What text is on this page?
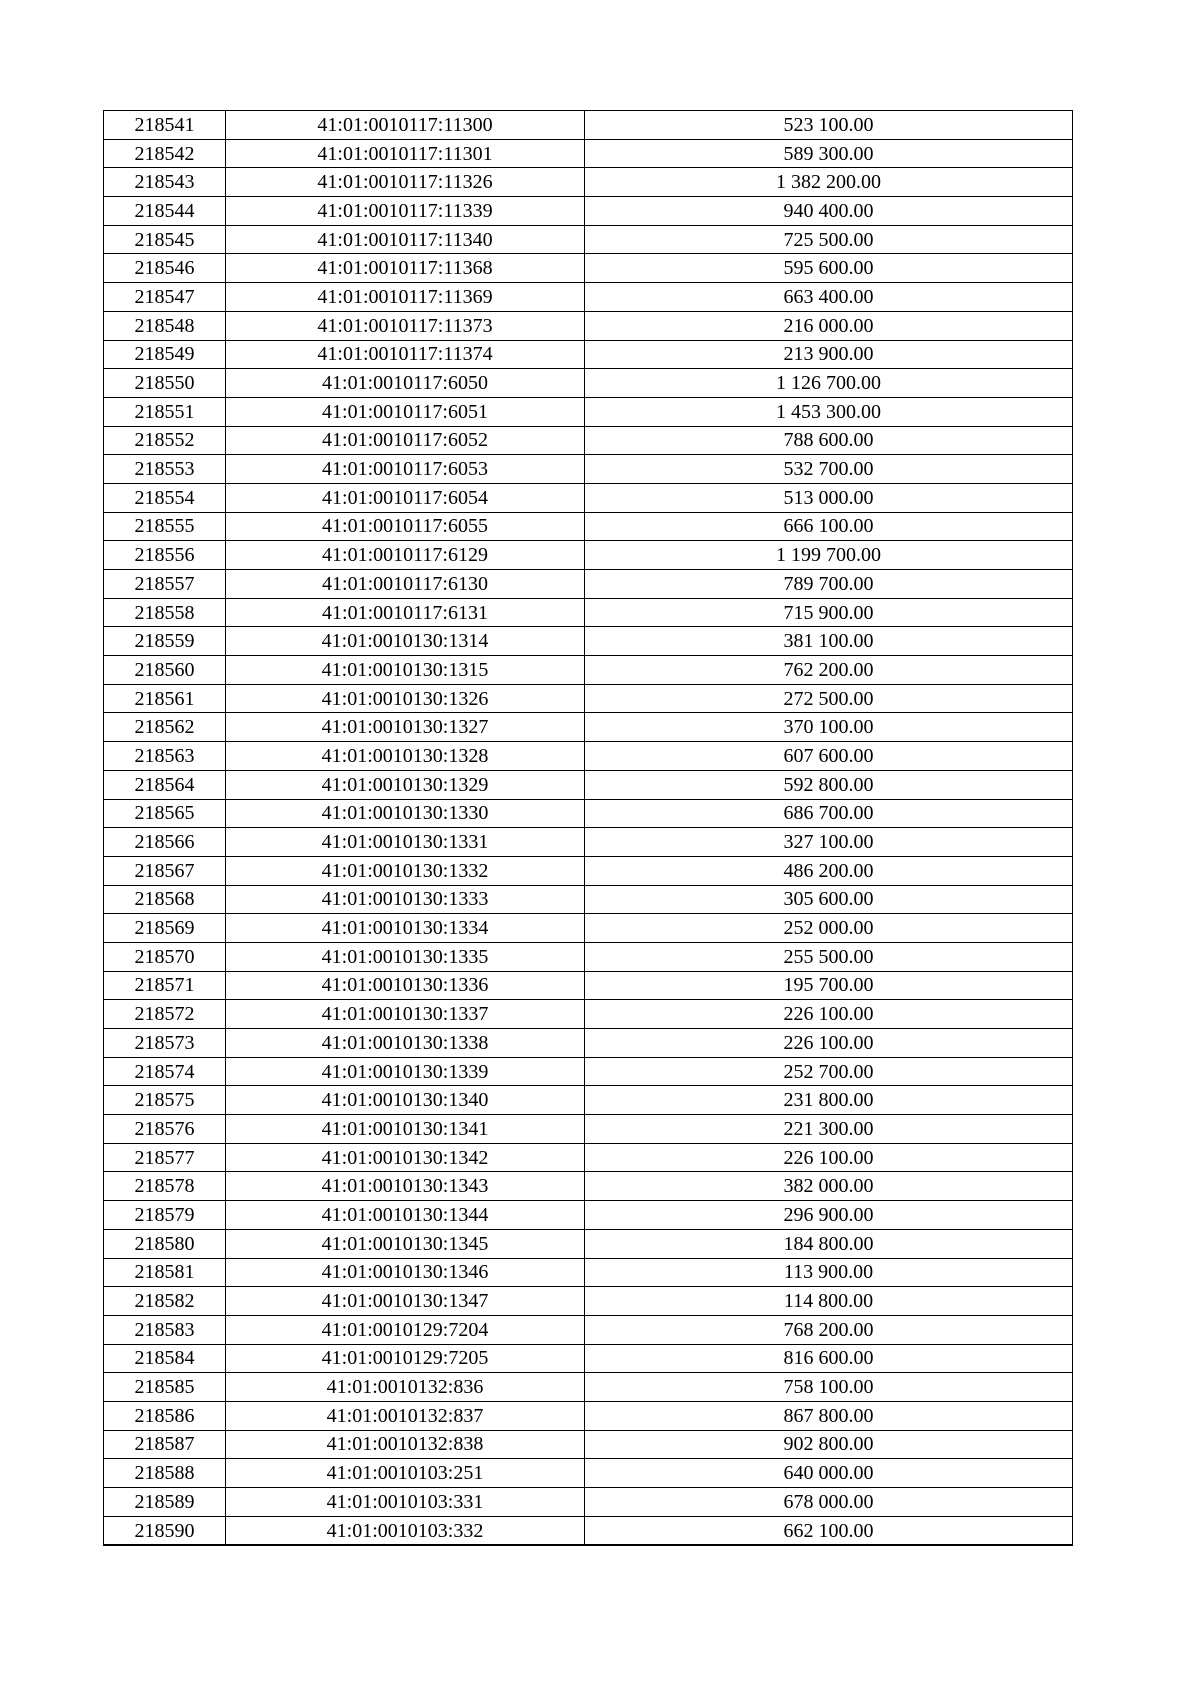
218541	41:01:0010117:11300	523 100.00
218542	41:01:0010117:11301	589 300.00
218543	41:01:0010117:11326	1 382 200.00
218544	41:01:0010117:11339	940 400.00
218545	41:01:0010117:11340	725 500.00
218546	41:01:0010117:11368	595 600.00
218547	41:01:0010117:11369	663 400.00
218548	41:01:0010117:11373	216 000.00
218549	41:01:0010117:11374	213 900.00
218550	41:01:0010117:6050	1 126 700.00
218551	41:01:0010117:6051	1 453 300.00
218552	41:01:0010117:6052	788 600.00
218553	41:01:0010117:6053	532 700.00
218554	41:01:0010117:6054	513 000.00
218555	41:01:0010117:6055	666 100.00
218556	41:01:0010117:6129	1 199 700.00
218557	41:01:0010117:6130	789 700.00
218558	41:01:0010117:6131	715 900.00
218559	41:01:0010130:1314	381 100.00
218560	41:01:0010130:1315	762 200.00
218561	41:01:0010130:1326	272 500.00
218562	41:01:0010130:1327	370 100.00
218563	41:01:0010130:1328	607 600.00
218564	41:01:0010130:1329	592 800.00
218565	41:01:0010130:1330	686 700.00
218566	41:01:0010130:1331	327 100.00
218567	41:01:0010130:1332	486 200.00
218568	41:01:0010130:1333	305 600.00
218569	41:01:0010130:1334	252 000.00
218570	41:01:0010130:1335	255 500.00
218571	41:01:0010130:1336	195 700.00
218572	41:01:0010130:1337	226 100.00
218573	41:01:0010130:1338	226 100.00
218574	41:01:0010130:1339	252 700.00
218575	41:01:0010130:1340	231 800.00
218576	41:01:0010130:1341	221 300.00
218577	41:01:0010130:1342	226 100.00
218578	41:01:0010130:1343	382 000.00
218579	41:01:0010130:1344	296 900.00
218580	41:01:0010130:1345	184 800.00
218581	41:01:0010130:1346	113 900.00
218582	41:01:0010130:1347	114 800.00
218583	41:01:0010129:7204	768 200.00
218584	41:01:0010129:7205	816 600.00
218585	41:01:0010132:836	758 100.00
218586	41:01:0010132:837	867 800.00
218587	41:01:0010132:838	902 800.00
218588	41:01:0010103:251	640 000.00
218589	41:01:0010103:331	678 000.00
218590	41:01:0010103:332	662 100.00
